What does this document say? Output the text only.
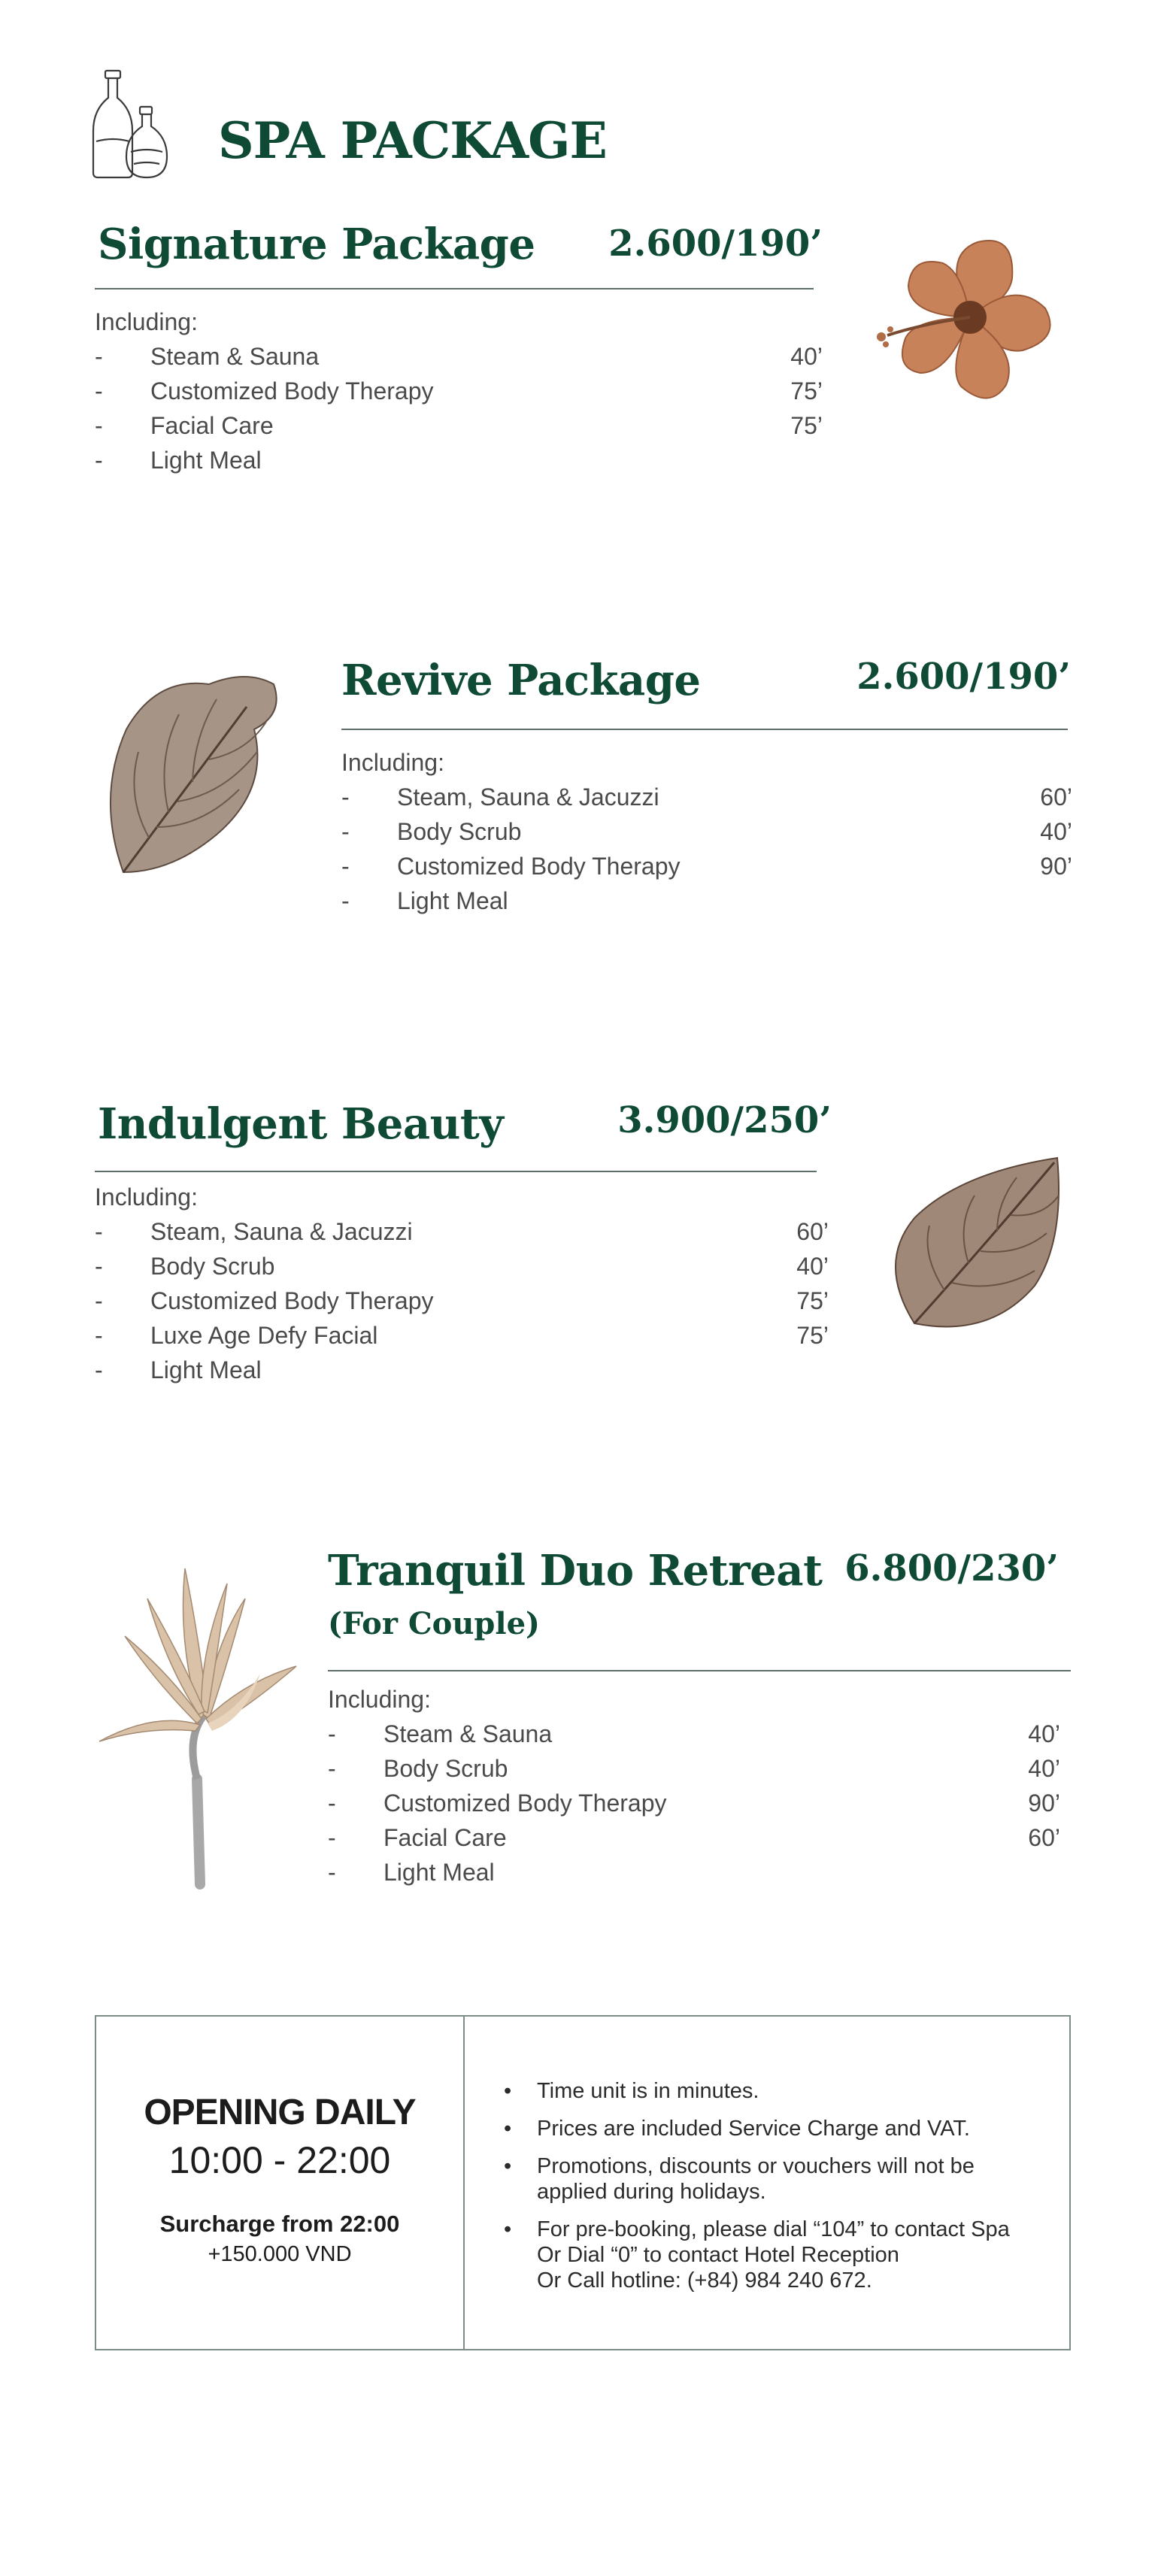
SPA PACKAGE
Signature Package 2.600/190’
Including:
- Steam & Sauna	40’
- Customized Body Therapy	75’
- Facial Care	75’
- Light Meal
Revive Package	2.600/190’
Including:
- Steam, Sauna & Jacuzzi	60’
- Body Scrub	40’
- Customized Body Therapy	90’
- Light Meal
Indulgent Beauty	3.900/250’
Including:
- Steam, Sauna & Jacuzzi	60’
- Body Scrub	40’
- Customized Body Therapy	75’
- Luxe Age Defy Facial	75’
- Light Meal
Tranquil Duo Retreat
(For Couple)
6.800/230’
Including:
- Steam & Sauna	40’
- Body Scrub	40’
- Customized Body Therapy	90’
- Facial Care	60’
- Light Meal
OPENING DAILY
10:00 - 22:00
Surcharge from 22:00
+150.000 VND
• Time unit is in minutes.
• Prices are included Service Charge and VAT.
• Promotions, discounts or vouchers will not be
applied during holidays.
• For pre-booking, please dial “104” to contact Spa
Or Dial “0” to contact Hotel Reception
Or Call hotline: (+84) 984 240 672.
